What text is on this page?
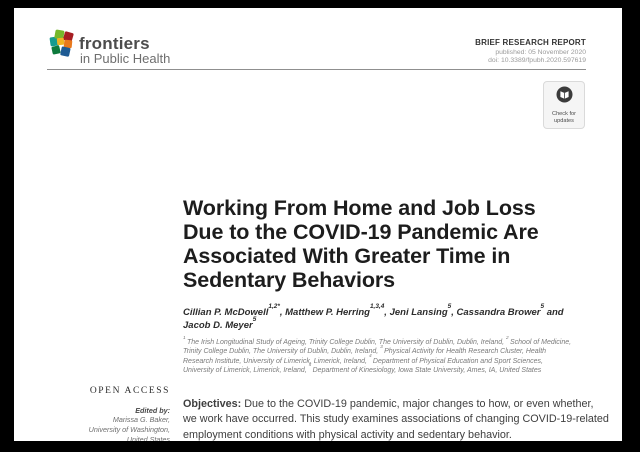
frontiers
in Public Health
BRIEF RESEARCH REPORT
published: 05 November 2020
doi: 10.3389/fpubh.2020.597619
Check for
updates
Working From Home and Job Loss
Due to the COVID-19 Pandemic Are
Associated With Greater Time in
Sedentary Behaviors
Cillian P. McDowell$^{1,2*}$, Matthew P. Herring$^{1,3,4}$, Jeni Lansing$^5$, Cassandra Brower$^5$ and
Jacob D. Meyer$^5$
$^1$ The Irish Longitudinal Study of Ageing, Trinity College Dublin, The University of Dublin, Dublin, Ireland, $^2$ School of Medicine,
Trinity College Dublin, The University of Dublin, Dublin, Ireland, $^3$ Physical Activity for Health Research Cluster, Health
Research Institute, University of Limerick, Limerick, Ireland, $^4$ Department of Physical Education and Sport Sciences,
University of Limerick, Limerick, Ireland, $^5$ Department of Kinesiology, Iowa State University, Ames, IA, United States
Objectives: Due to the COVID-19 pandemic, major changes to how, or even whether,
we work have occurred. This study examines associations of changing COVID-19-related
employment conditions with physical activity and sedentary behavior.
OPEN ACCESS
Edited by:
Marissa G. Baker,
University of Washington,
United States
